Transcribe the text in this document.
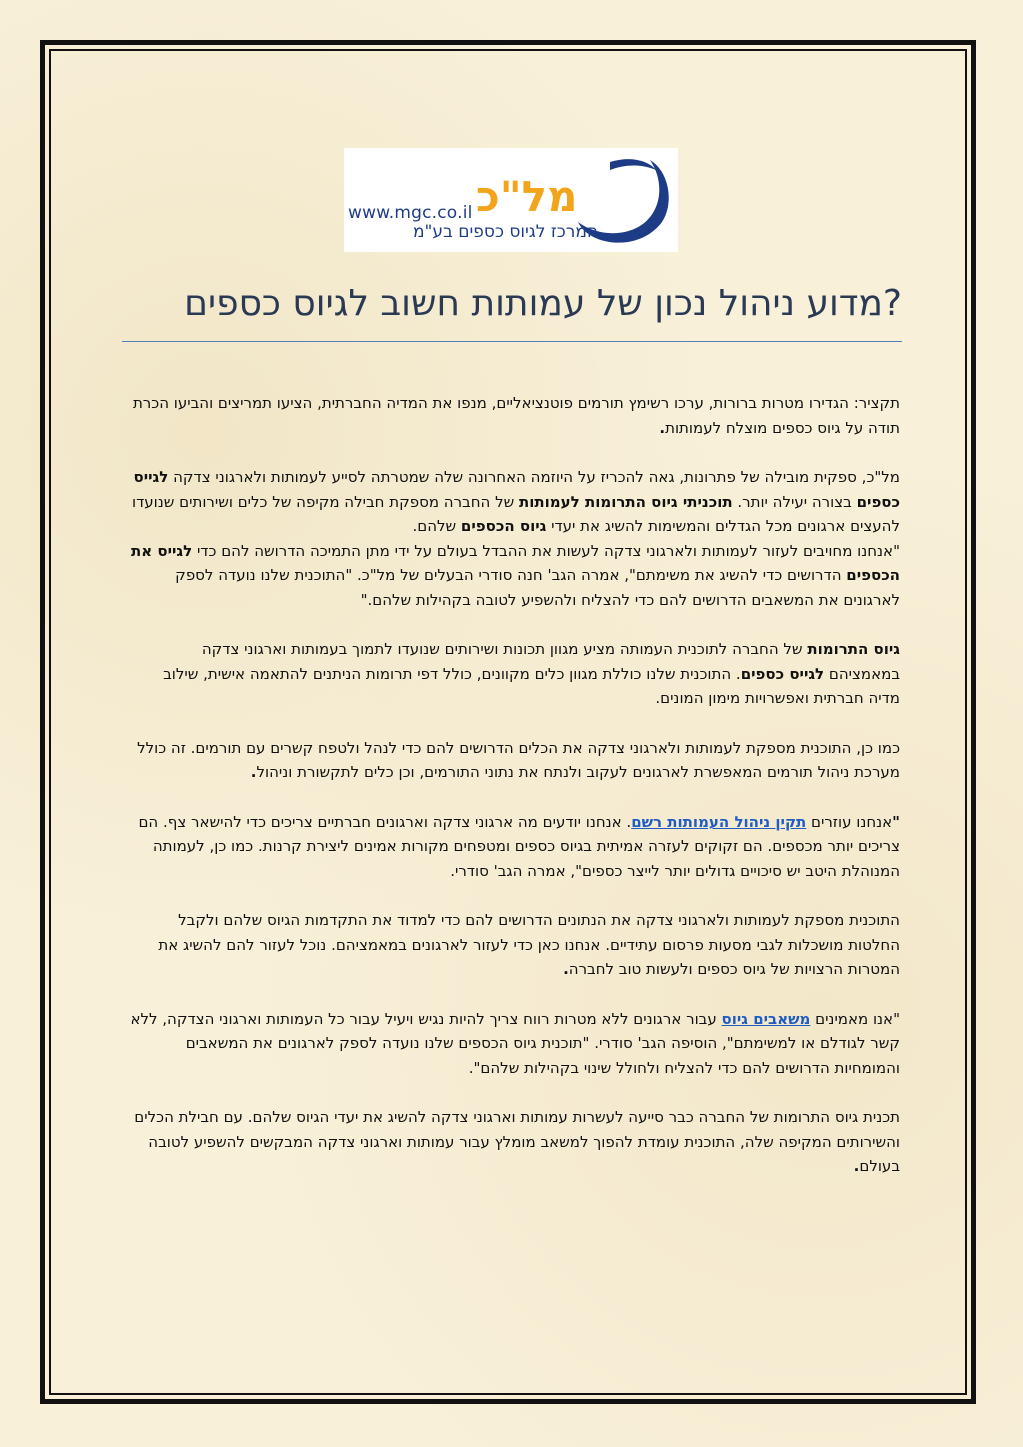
מל"כ
www.mgc.co.il
המרכז לגיוס כספים בע"מ
?מדוע ניהול נכון של עמותות חשוב לגיוס כספים

תקציר: הגדירו מטרות ברורות, ערכו רשימץ תורמים פוטנציאליים, מנפו את המדיה החברתית, הציעו תמריצים והביעו הכרת תודה על גיוס כספים מוצלח לעמותות.

מל"כ, ספקית מובילה של פתרונות, גאה להכריז על היוזמה האחרונה שלה שמטרתה לסייע לעמותות ולארגוני צדקה לגייס כספים בצורה יעילה יותר. תוכניתי גיוס התרומות לעמותות של החברה מספקת חבילה מקיפה של כלים ושירותים שנועדו להעצים ארגונים מכל הגדלים והמשימות להשיג את יעדי גיוס הכספים שלהם.
"אנחנו מחויבים לעזור לעמותות ולארגוני צדקה לעשות את ההבדל בעולם על ידי מתן התמיכה הדרושה להם כדי לגייס את הכספים הדרושים כדי להשיג את משימתם", אמרה הגב' חנה סודרי הבעלים של מל"כ. "התוכנית שלנו נועדה לספק לארגונים את המשאבים הדרושים להם כדי להצליח ולהשפיע לטובה בקהילות שלהם."

גיוס התרומות של החברה לתוכנית העמותה מציע מגוון תכונות ושירותים שנועדו לתמוך בעמותות וארגוני צדקה במאמציהם לגייס כספים. התוכנית שלנו כוללת מגוון כלים מקוונים, כולל דפי תרומות הניתנים להתאמה אישית, שילוב מדיה חברתית ואפשרויות מימון המונים.

כמו כן, התוכנית מספקת לעמותות ולארגוני צדקה את הכלים הדרושים להם כדי לנהל ולטפח קשרים עם תורמים. זה כולל מערכת ניהול תורמים המאפשרת לארגונים לעקוב ולנתח את נתוני התורמים, וכן כלים לתקשורת וניהול.

"אנחנו עוזרים תקין ניהול העמותות רשם. אנחנו יודעים מה ארגוני צדקה וארגונים חברתיים צריכים כדי להישאר צף. הם צריכים יותר מכספים. הם זקוקים לעזרה אמיתית בגיוס כספים ומטפחים מקורות אמינים ליצירת קרנות. כמו כן, לעמותה המנוהלת היטב יש סיכויים גדולים יותר לייצר כספים", אמרה הגב' סודרי.

התוכנית מספקת לעמותות ולארגוני צדקה את הנתונים הדרושים להם כדי למדוד את התקדמות הגיוס שלהם ולקבל החלטות מושכלות לגבי מסעות פרסום עתידיים. אנחנו כאן כדי לעזור לארגונים במאמציהם. נוכל לעזור להם להשיג את המטרות הרצויות של גיוס כספים ולעשות טוב לחברה.

"אנו מאמינים משאבים גיוס עבור ארגונים ללא מטרות רווח צריך להיות נגיש ויעיל עבור כל העמותות וארגוני הצדקה, ללא קשר לגודלם או למשימתם", הוסיפה הגב' סודרי. "תוכנית גיוס הכספים שלנו נועדה לספק לארגונים את המשאבים והמומחיות הדרושים להם כדי להצליח ולחולל שינוי בקהילות שלהם".

תכנית גיוס התרומות של החברה כבר סייעה לעשרות עמותות וארגוני צדקה להשיג את יעדי הגיוס שלהם. עם חבילת הכלים והשירותים המקיפה שלה, התוכנית עומדת להפוך למשאב מומלץ עבור עמותות וארגוני צדקה המבקשים להשפיע לטובה בעולם.
